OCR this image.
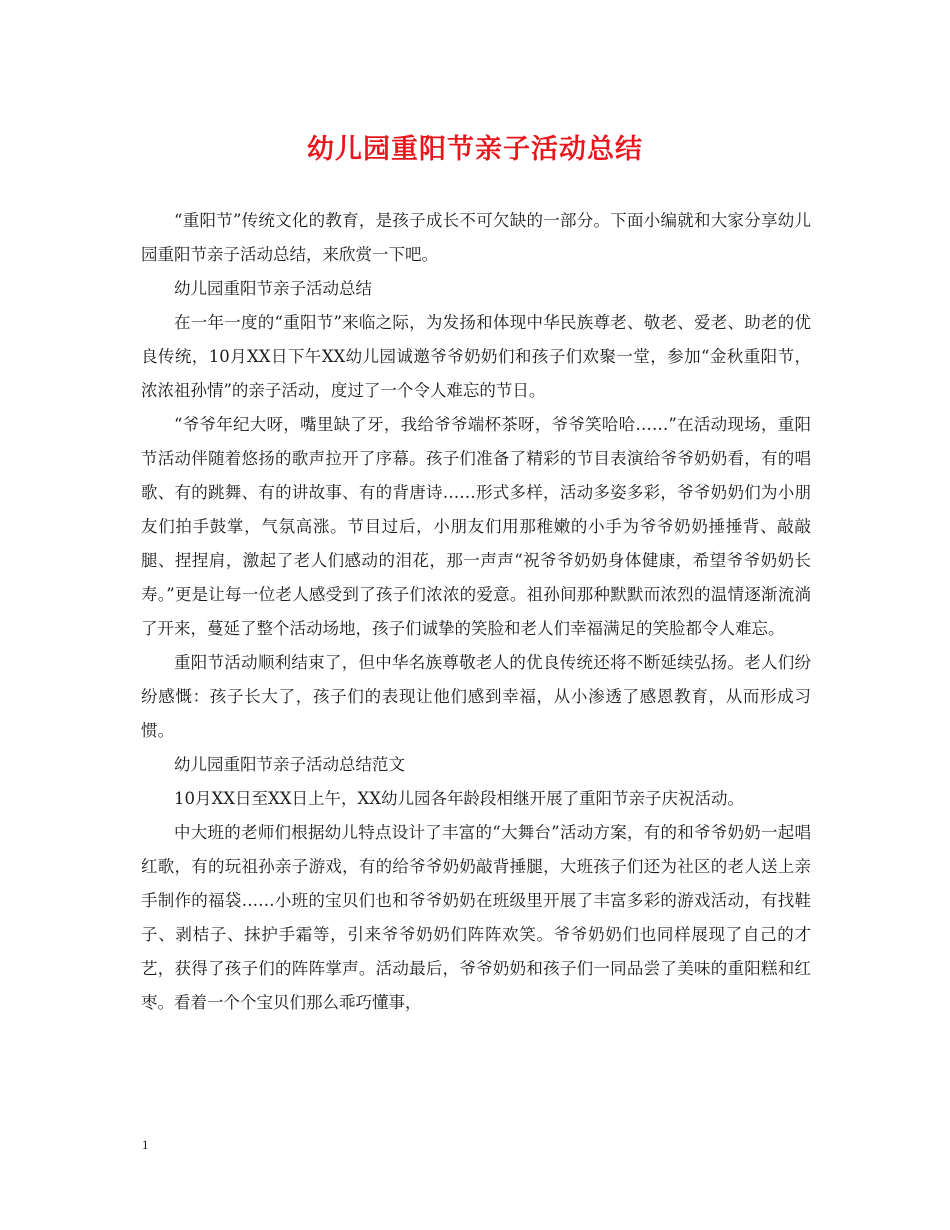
幼儿园重阳节亲子活动总结

“重阳节”传统文化的教育，是孩子成长不可欠缺的一部分。下面小编就和大家分享幼儿园重阳节亲子活动总结，来欣赏一下吧。

幼儿园重阳节亲子活动总结

在一年一度的“重阳节”来临之际，为发扬和体现中华民族尊老、敬老、爱老、助老的优良传统，10月XX日下午XX幼儿园诚邀爷爷奶奶们和孩子们欢聚一堂，参加“金秋重阳节，浓浓祖孙情”的亲子活动，度过了一个令人难忘的节日。

“爷爷年纪大呀，嘴里缺了牙，我给爷爷端杯茶呀，爷爷笑哈哈……”在活动现场，重阳节活动伴随着悠扬的歌声拉开了序幕。孩子们准备了精彩的节目表演给爷爷奶奶看，有的唱歌、有的跳舞、有的讲故事、有的背唐诗……形式多样，活动多姿多彩，爷爷奶奶们为小朋友们拍手鼓掌，气氛高涨。节目过后，小朋友们用那稚嫩的小手为爷爷奶奶捶捶背、敲敲腿、捏捏肩，激起了老人们感动的泪花，那一声声“祝爷爷奶奶身体健康，希望爷爷奶奶长寿。”更是让每一位老人感受到了孩子们浓浓的爱意。祖孙间那种默默而浓烈的温情逐渐流淌了开来，蔓延了整个活动场地，孩子们诚挚的笑脸和老人们幸福满足的笑脸都令人难忘。

重阳节活动顺利结束了，但中华名族尊敬老人的优良传统还将不断延续弘扬。老人们纷纷感慨：孩子长大了，孩子们的表现让他们感到幸福，从小渗透了感恩教育，从而形成习惯。

幼儿园重阳节亲子活动总结范文

10月XX日至XX日上午，XX幼儿园各年龄段相继开展了重阳节亲子庆祝活动。

中大班的老师们根据幼儿特点设计了丰富的“大舞台”活动方案，有的和爷爷奶奶一起唱红歌，有的玩祖孙亲子游戏，有的给爷爷奶奶敲背捶腿，大班孩子们还为社区的老人送上亲手制作的福袋……小班的宝贝们也和爷爷奶奶在班级里开展了丰富多彩的游戏活动，有找鞋子、剥桔子、抹护手霜等，引来爷爷奶奶们阵阵欢笑。爷爷奶奶们也同样展现了自己的才艺，获得了孩子们的阵阵掌声。活动最后，爷爷奶奶和孩子们一同品尝了美味的重阳糕和红枣。看着一个个宝贝们那么乖巧懂事，

1
